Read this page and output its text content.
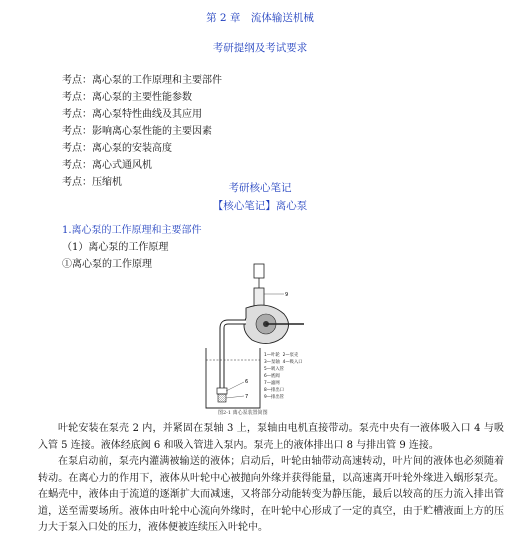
第 2 章　流体输送机械
考研提纲及考试要求
考点：离心泵的工作原理和主要部件
考点：离心泵的主要性能参数
考点：离心泵特性曲线及其应用
考点：影响离心泵性能的主要因素
考点：离心泵的安装高度
考点：离心式通风机
考点：压缩机	考研核心笔记
【核心笔记】离心泵
1.离心泵的工作原理和主要部件
（1）离心泵的工作原理
①离心泵的工作原理
6
7
9
1—叶轮 2—泵壳
3—泵轴 4—吸入口
5—吸入管
6—底阀
7—滤网
8—排出口
9—排出管
图2-1 离心泵装置简图

叶轮安装在泵壳 2 内，并紧固在泵轴 3 上，泵轴由电机直接带动。泵壳中央有一液体吸入口 4 与吸入管 5 连接。液体经底阀 6 和吸入管进入泵内。泵壳上的液体排出口 8 与排出管 9 连接。

在泵启动前，泵壳内灌满被输送的液体；启动后，叶轮由轴带动高速转动，叶片间的液体也必须随着转动。在离心力的作用下，液体从叶轮中心被抛向外缘并获得能量，以高速离开叶轮外缘进入蜗形泵壳。在蜗壳中，液体由于流道的逐渐扩大而减速，又将部分动能转变为静压能，最后以较高的压力流入排出管道，送至需要场所。液体由叶轮中心流向外缘时，在叶轮中心形成了一定的真空，由于贮槽液面上方的压力大于泵入口处的压力，液体便被连续压入叶轮中。
